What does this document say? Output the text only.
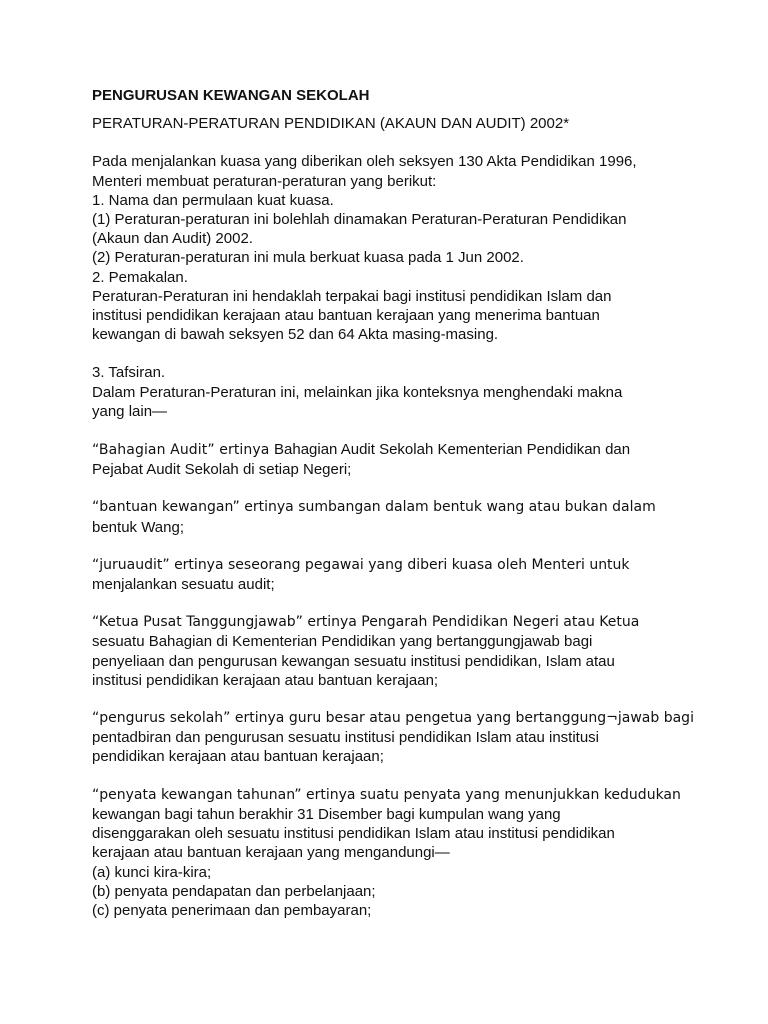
PENGURUSAN KEWANGAN SEKOLAH
PERATURAN-PERATURAN PENDIDIKAN (AKAUN DAN AUDIT) 2002*
Pada menjalankan kuasa yang diberikan oleh seksyen 130 Akta Pendidikan 1996,
Menteri membuat peraturan-peraturan yang berikut:
1. Nama dan permulaan kuat kuasa.
(1) Peraturan-peraturan ini bolehlah dinamakan Peraturan-Peraturan Pendidikan
(Akaun dan Audit) 2002.
(2) Peraturan-peraturan ini mula berkuat kuasa pada 1 Jun 2002.
2. Pemakalan.
Peraturan-Peraturan ini hendaklah terpakai bagi institusi pendidikan Islam dan
institusi pendidikan kerajaan atau bantuan kerajaan yang menerima bantuan
kewangan di bawah seksyen 52 dan 64 Akta masing-masing.
3. Tafsiran.
Dalam Peraturan-Peraturan ini, melainkan jika konteksnya menghendaki makna
yang lain—
“Bahagian Audit” ertinya Bahagian Audit Sekolah Kementerian Pendidikan dan
Pejabat Audit Sekolah di setiap Negeri;
“bantuan kewangan” ertinya sumbangan dalam bentuk wang atau bukan dalam
bentuk Wang;
“juruaudit” ertinya seseorang pegawai yang diberi kuasa oleh Menteri untuk
menjalankan sesuatu audit;
“Ketua Pusat Tanggungjawab” ertinya Pengarah Pendidikan Negeri atau Ketua
sesuatu Bahagian di Kementerian Pendidikan yang bertanggungjawab bagi
penyeliaan dan pengurusan kewangan sesuatu institusi pendidikan, Islam atau
institusi pendidikan kerajaan atau bantuan kerajaan;
“pengurus sekolah” ertinya guru besar atau pengetua yang bertanggung¬jawab bagi
pentadbiran dan pengurusan sesuatu institusi pendidikan Islam atau institusi
pendidikan kerajaan atau bantuan kerajaan;
“penyata kewangan tahunan” ertinya suatu penyata yang menunjukkan kedudukan
kewangan bagi tahun berakhir 31 Disember bagi kumpulan wang yang
disenggarakan oleh sesuatu institusi pendidikan Islam atau institusi pendidikan
kerajaan atau bantuan kerajaan yang mengandungi—
(a) kunci kira-kira;
(b) penyata pendapatan dan perbelanjaan;
(c) penyata penerimaan dan pembayaran;
